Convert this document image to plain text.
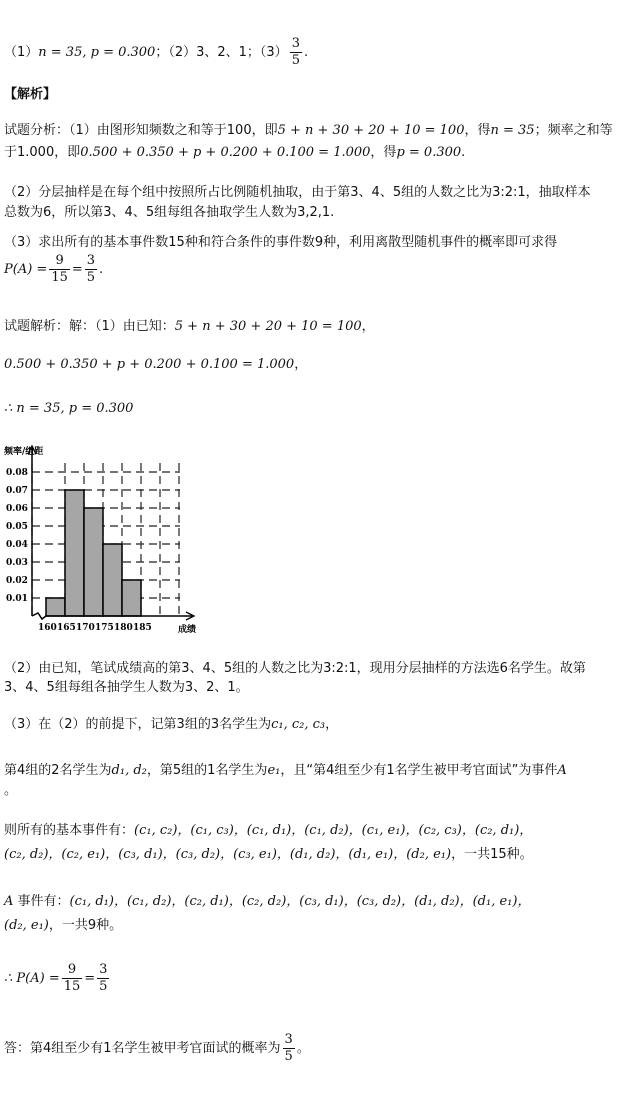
（1）n = 35, p = 0.300；（2）3、2、1；$(3) \frac{3}{5}$ .
【解析】
试题分析：（1）由图形知频数之和等于100，即5 + n + 30 + 20 + 10 = 100，得n = 35；频率之和等
于1.000，即0.500 + 0.350 + p + 0.200 + 0.100 = 1.000，得p = 0.300.
（2）分层抽样是在每个组中按照所占比例随机抽取，由于第3、4、5组的人数之比为3:2:1，抽取样本
总数为6，所以第3、4、5组每组各抽取学生人数为3,2,1.
（3）求出所有的基本事件数15种和符合条件的事件数9种，利用离散型随机事件的概率即可求得
$P(A) = \frac{9}{15} = \frac{3}{5}$ .
试题解析：解：（1）由已知：5 + n + 30 + 20 + 10 = 100，
0.500 + 0.350 + p + 0.200 + 0.100 = 1.000，
∴ n = 35, p = 0.300
0.01
0.02
0.03
0.04
0.05
0.06
0.07
0.08
160 165 170 175 180 185
频率/组距
成绩
（2）由已知，笔试成绩高的第3、4、5组的人数之比为3:2:1，现用分层抽样的方法选6名学生。故第
3、4、5组每组各抽学生人数为3、2、1。
（3）在（2）的前提下，记第3组的3名学生为c₁, c₂, c₃，
第4组的2名学生为d₁, d₂，第5组的1名学生为e₁，且“第4组至少有1名学生被甲考官面试”为事件A
。
则所有的基本事件有：(c₁, c₂)，(c₁, c₃)，(c₁, d₁)，(c₁, d₂)，(c₁, e₁)，(c₂, c₃)，(c₂, d₁)，
(c₂, d₂)，(c₂, e₁)，(c₃, d₁)，(c₃, d₂)，(c₃, e₁)，(d₁, d₂)，(d₁, e₁)，(d₂, e₁)，一共15种。
A 事件有：(c₁, d₁)，(c₁, d₂)，(c₂, d₁)，(c₂, d₂)，(c₃, d₁)，(c₃, d₂)，(d₁, d₂)，(d₁, e₁)，
(d₂, e₁)，一共9种。
∴ $P(A) = \frac{9}{15} = \frac{3}{5}$
答：第4组至少有1名学生被甲考官面试的概率为 $\frac{3}{5}$ 。
